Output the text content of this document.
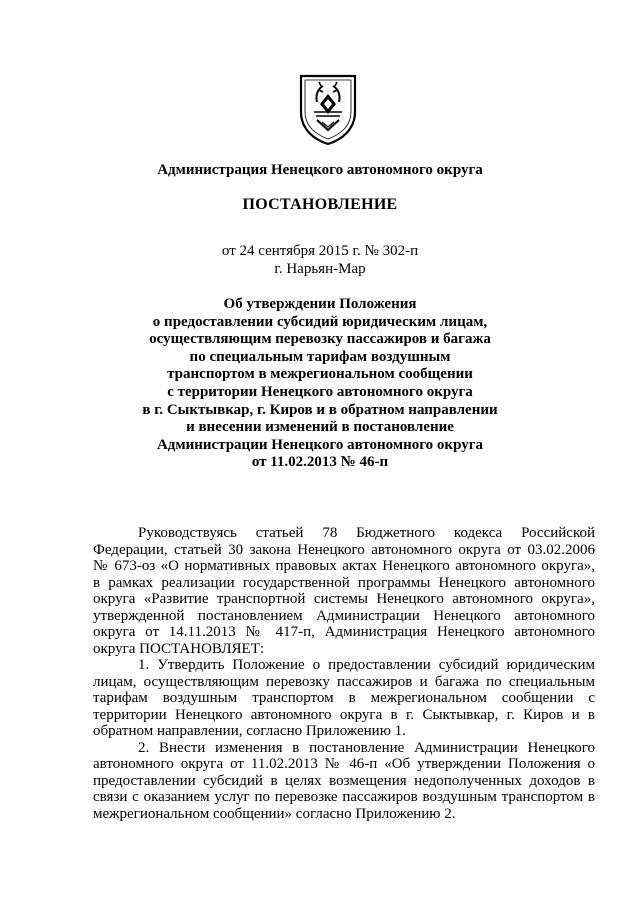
Администрация Ненецкого автономного округа
ПОСТАНОВЛЕНИЕ
от 24 сентября 2015 г. № 302-п
г. Нарьян-Мар
Об утверждении Положения
о предоставлении субсидий юридическим лицам,
осуществляющим перевозку пассажиров и багажа
по специальным тарифам воздушным
транспортом в межрегиональном сообщении
с территории Ненецкого автономного округа
в г. Сыктывкар, г. Киров и в обратном направлении
и внесении изменений в постановление
Администрации Ненецкого автономного округа
от 11.02.2013 № 46-п
Руководствуясь статьей 78 Бюджетного кодекса Российской
Федерации, статьей 30 закона Ненецкого автономного округа от 03.02.2006
№ 673-оз «О нормативных правовых актах Ненецкого автономного округа»,
в рамках реализации государственной программы Ненецкого автономного
округа «Развитие транспортной системы Ненецкого автономного округа»,
утвержденной постановлением Администрации Ненецкого автономного
округа от 14.11.2013 № 417-п, Администрация Ненецкого автономного
округа ПОСТАНОВЛЯЕТ:
1. Утвердить Положение о предоставлении субсидий юридическим
лицам, осуществляющим перевозку пассажиров и багажа по специальным
тарифам воздушным транспортом в межрегиональном сообщении с
территории Ненецкого автономного округа в г. Сыктывкар, г. Киров и в
обратном направлении, согласно Приложению 1.
2. Внести изменения в постановление Администрации Ненецкого
автономного округа от 11.02.2013 № 46-п «Об утверждении Положения о
предоставлении субсидий в целях возмещения недополученных доходов в
связи с оказанием услуг по перевозке пассажиров воздушным транспортом в
межрегиональном сообщении» согласно Приложению 2.
